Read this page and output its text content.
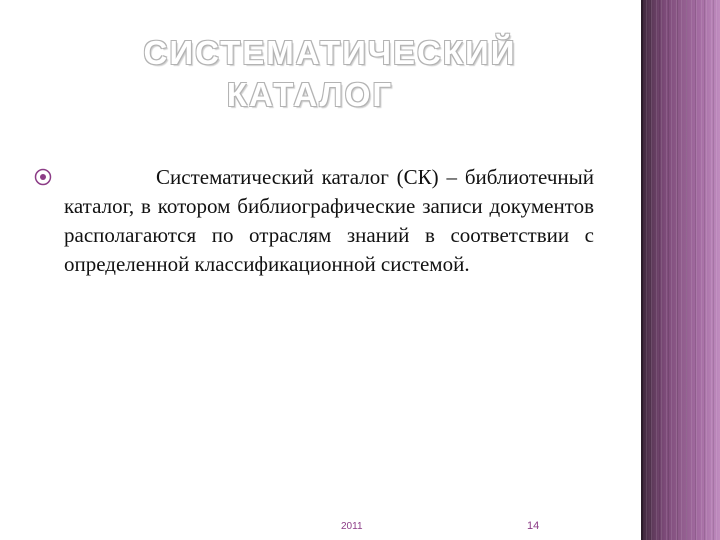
СИСТЕМАТИЧЕСКИЙ
КАТАЛОГ

Систематический каталог (СК) – библиотечный каталог, в котором библиографические записи документов располагаются по отраслям знаний в соответствии с определенной классификационной системой.

2011	14
